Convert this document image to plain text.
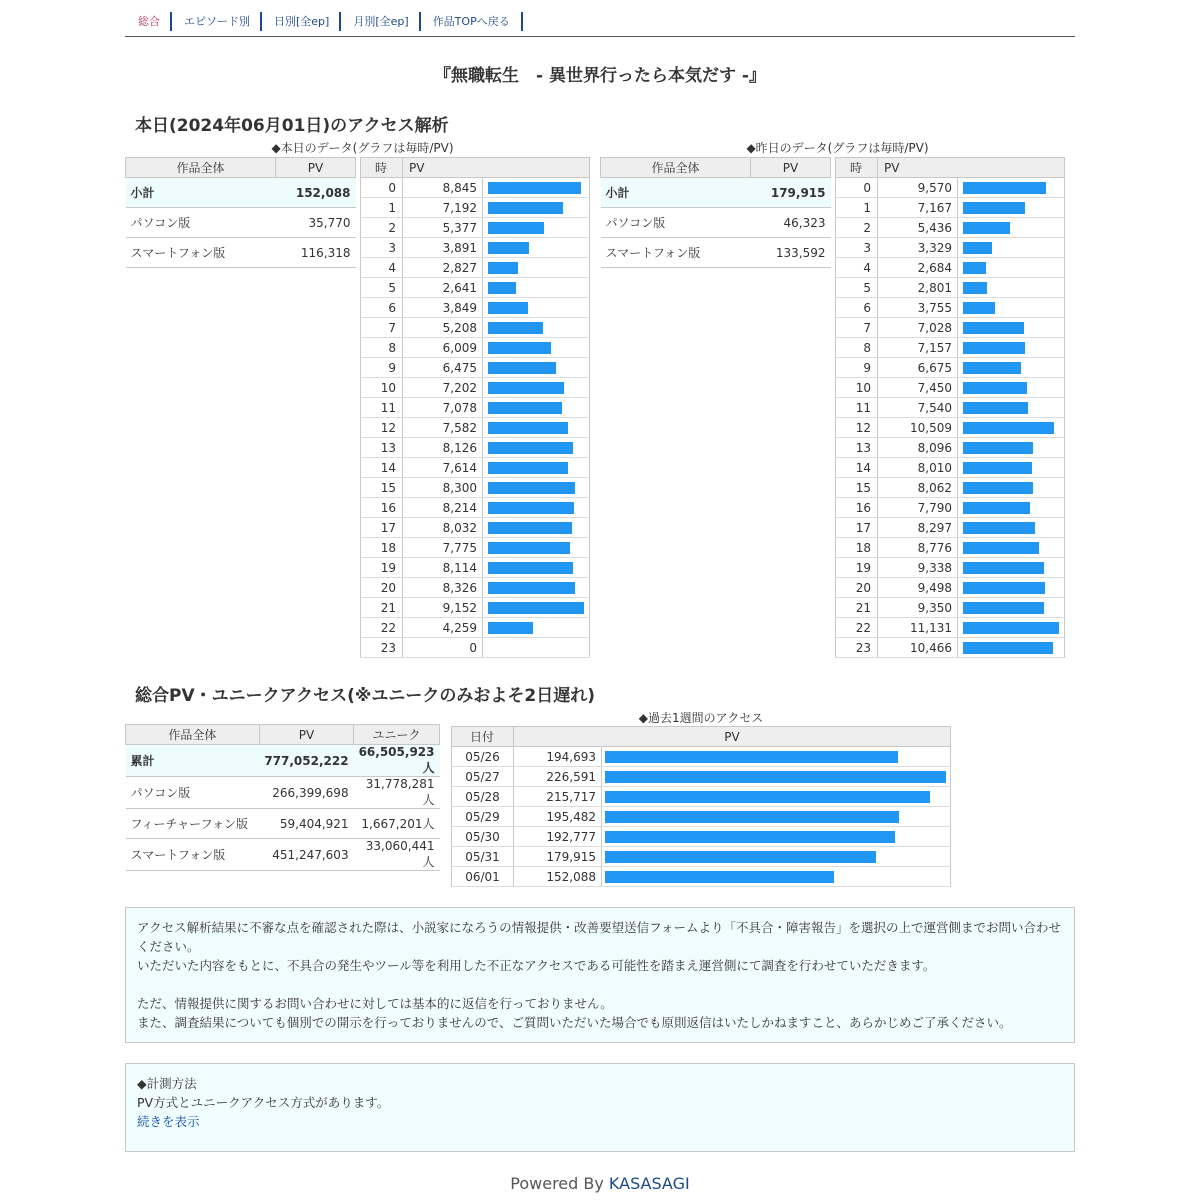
総合	エピソード別	日別[全ep]	月別[全ep]	作品TOPへ戻る
『無職転生　- 異世界行ったら本気だす -』
本日(2024年06月01日)のアクセス解析
◆本日のデータ(グラフは毎時/PV)	◆昨日のデータ(グラフは毎時/PV)
作品全体	PV
小計	152,088
パソコン版	35,770
スマートフォン版	116,318
時	PV	
0	8,845	

1	7,192	

2	5,377	

3	3,891	

4	2,827	

5	2,641	

6	3,849	

7	5,208	

8	6,009	

9	6,475	

10	7,202	

11	7,078	

12	7,582	

13	8,126	

14	7,614	

15	8,300	

16	8,214	

17	8,032	

18	7,775	

19	8,114	

20	8,326	

21	9,152	

22	4,259	

23	0	
作品全体	PV
小計	179,915
パソコン版	46,323
スマートフォン版	133,592
時	PV	
0	9,570	

1	7,167	

2	5,436	

3	3,329	

4	2,684	

5	2,801	

6	3,755	

7	7,028	

8	7,157	

9	6,675	

10	7,450	

11	7,540	

12	10,509	

13	8,096	

14	8,010	

15	8,062	

16	7,790	

17	8,297	

18	8,776	

19	9,338	

20	9,498	

21	9,350	

22	11,131	

23	10,466	
総合PV・ユニークアクセス(※ユニークのみおよそ2日遅れ)
作品全体	PV	ユニーク
累計	777,052,222	66,505,923人
パソコン版	266,399,698	31,778,281人
フィーチャーフォン版	59,404,921	1,667,201人
スマートフォン版	451,247,603	33,060,441人
◆過去1週間のアクセス
日付	PV	
05/26	194,693	

05/27	226,591	

05/28	215,717	

05/29	195,482	

05/30	192,777	

05/31	179,915	

06/01	152,088	

アクセス解析結果に不審な点を確認された際は、小説家になろうの情報提供・改善要望送信フォームより「不具合・障害報告」を選択の上で運営側までお問い合わせください。

いただいた内容をもとに、不具合の発生やツール等を利用した不正なアクセスである可能性を踏まえ運営側にて調査を行わせていただきます。

ただ、情報提供に関するお問い合わせに対しては基本的に返信を行っておりません。

また、調査結果についても個別での開示を行っておりませんので、ご質問いただいた場合でも原則返信はいたしかねますこと、あらかじめご了承ください。

◆計測方法

PV方式とユニークアクセス方式があります。

続きを表示

Powered By KASASAGI
